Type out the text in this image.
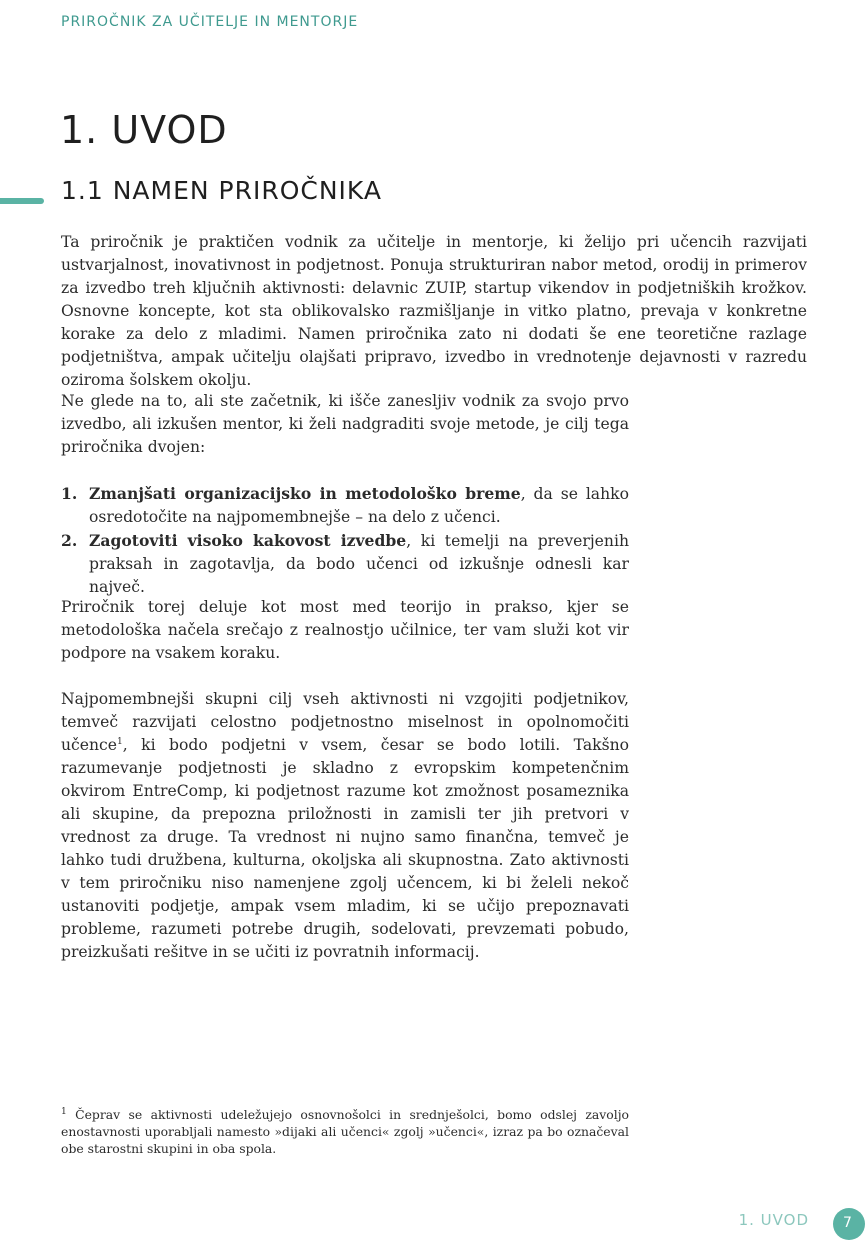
PRIROČNIK ZA UČITELJE IN MENTORJE
1. UVOD
1.1 NAMEN PRIROČNIKA

Ta priročnik je praktičen vodnik za učitelje in mentorje, ki želijo pri učencih razvijati ustvarjalnost, inovativnost in podjetnost. Ponuja strukturiran nabor metod, orodij in primerov za izvedbo treh ključnih aktivnosti: delavnic ZUIP, startup vikendov in podjetniških krožkov. Osnovne koncepte, kot sta oblikovalsko razmišljanje in vitko platno, prevaja v konkretne korake za delo z mladimi. Namen priročnika zato ni dodati še ene teoretične razlage podjetništva, ampak učitelju olajšati pripravo, izvedbo in vrednotenje dejavnosti v razredu oziroma šolskem okolju.

Ne glede na to, ali ste začetnik, ki išče zanesljiv vodnik za svojo prvo izvedbo, ali izkušen mentor, ki želi nadgraditi svoje metode, je cilj tega priročnika dvojen:

1. Zmanjšati organizacijsko in metodološko breme, da se lahko osredotočite na najpomembnejše – na delo z učenci.
2. Zagotoviti visoko kakovost izvedbe, ki temelji na preverjenih praksah in zagotavlja, da bodo učenci od izkušnje odnesli kar največ.

Priročnik torej deluje kot most med teorijo in prakso, kjer se metodološka načela srečajo z realnostjo učilnice, ter vam služi kot vir podpore na vsakem koraku.

Najpomembnejši skupni cilj vseh aktivnosti ni vzgojiti podjetnikov, temveč razvijati celostno podjetnostno miselnost in opolnomočiti učence$^1$, ki bodo podjetni v vsem, česar se bodo lotili. Takšno razumevanje podjetnosti je skladno z evropskim kompetenčnim okvirom EntreComp, ki podjetnost razume kot zmožnost posameznika ali skupine, da prepozna priložnosti in zamisli ter jih pretvori v vrednost za druge. Ta vrednost ni nujno samo finančna, temveč je lahko tudi družbena, kulturna, okoljska ali skupnostna. Zato aktivnosti v tem priročniku niso namenjene zgolj učencem, ki bi želeli nekoč ustanoviti podjetje, ampak vsem mladim, ki se učijo prepoznavati probleme, razumeti potrebe drugih, sodelovati, prevzemati pobudo, preizkušati rešitve in se učiti iz povratnih informacij.

$^1$ Čeprav se aktivnosti udeležujejo osnovnošolci in srednješolci, bomo odslej zavoljo enostavnosti uporabljali namesto »dijaki ali učenci« zgolj »učenci«, izraz pa bo označeval obe starostni skupini in oba spola.

1. UVOD	7
